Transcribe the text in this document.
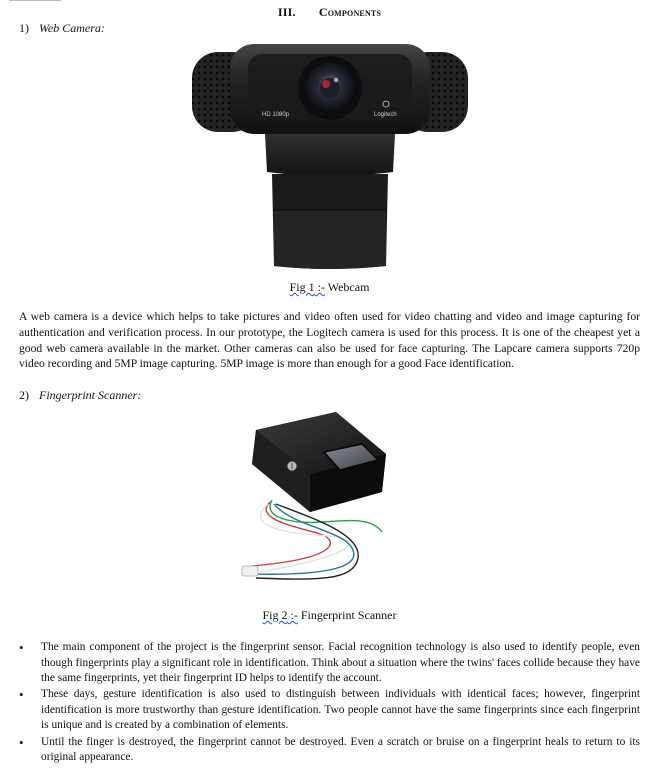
III. Components
1) Web Camera:
HD 1080p	Logitech
Fig 1 :- Webcam
A web camera is a device which helps to take pictures and video often used for video chatting and video and image capturing for authentication and verification process. In our prototype, the Logitech camera is used for this process. It is one of the cheapest yet a good web camera available in the market. Other cameras can also be used for face capturing. The Lapcare camera supports 720p video recording and 5MP image capturing. 5MP image is more than enough for a good Face identification.
2) Fingerprint Scanner:
Fig 2 :- Fingerprint Scanner
• The main component of the project is the fingerprint sensor. Facial recognition technology is also used to identify people, even though fingerprints play a significant role in identification. Think about a situation where the twins' faces collide because they have the same fingerprints, yet their fingerprint ID helps to identify the account.
• These days, gesture identification is also used to distinguish between individuals with identical faces; however, fingerprint identification is more trustworthy than gesture identification. Two people cannot have the same fingerprints since each fingerprint is unique and is created by a combination of elements.
• Until the finger is destroyed, the fingerprint cannot be destroyed. Even a scratch or bruise on a fingerprint heals to return to its original appearance.
